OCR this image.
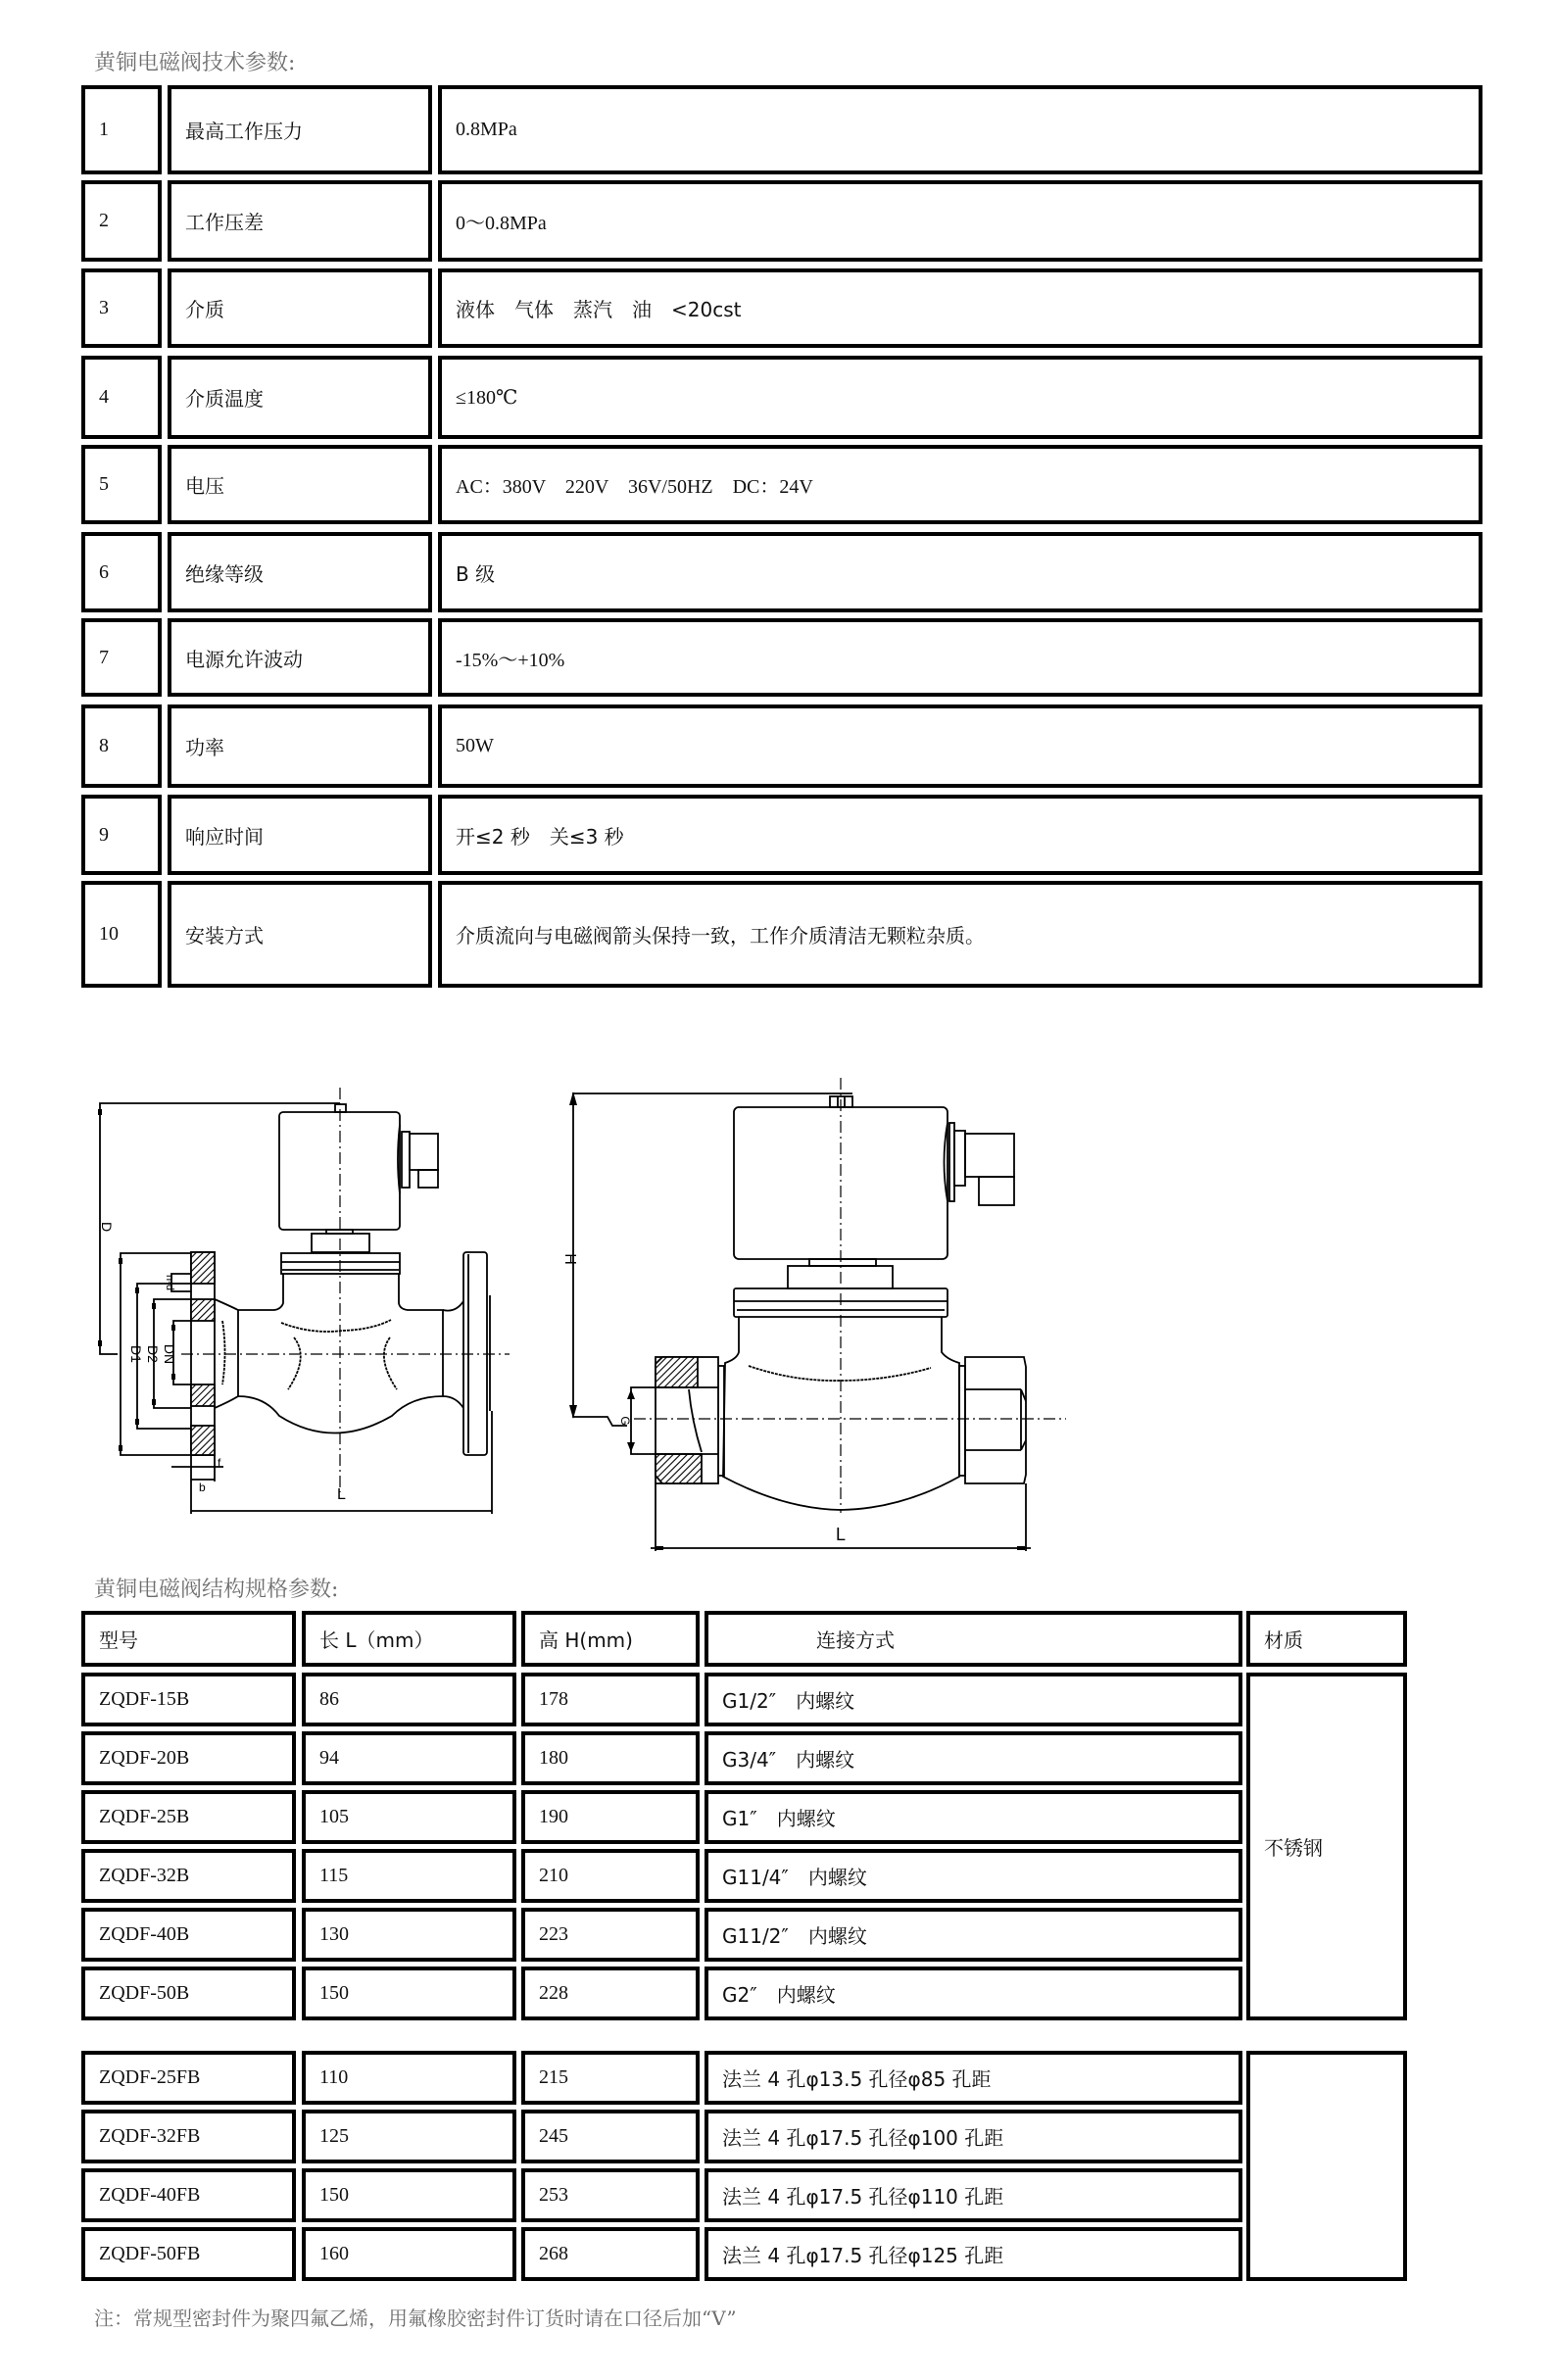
黄铜电磁阀技术参数:
1	最高工作压力	0.8MPa
2	工作压差	0～0.8MPa
3	介质	液体　气体　蒸汽　油　<20cst
4	介质温度	≤180℃
5	电压	AC：380V　220V　36V/50HZ　DC：24V
6	绝缘等级	B 级
7	电源允许波动	-15%～+10%
8	功率	50W
9	响应时间	开≤2 秒　关≤3 秒
10	安装方式	介质流向与电磁阀箭头保持一致，工作介质清洁无颗粒杂质。
D
D1 D2 DN
n-d
f
b	L
H
G
L
黄铜电磁阀结构规格参数:
型号	长 L（mm）	高 H(mm)	连接方式	材质
ZQDF-15B	86	178	G1/2″　内螺纹
ZQDF-20B	94	180	G3/4″　内螺纹
ZQDF-25B	105	190	G1″　内螺纹
ZQDF-32B	115	210	G11/4″　内螺纹
ZQDF-40B	130	223	G11/2″　内螺纹
ZQDF-50B	150	228	G2″　内螺纹
不锈钢
ZQDF-25FB	110	215	法兰 4 孔φ13.5 孔径φ85 孔距
ZQDF-32FB	125	245	法兰 4 孔φ17.5 孔径φ100 孔距
ZQDF-40FB	150	253	法兰 4 孔φ17.5 孔径φ110 孔距
ZQDF-50FB	160	268	法兰 4 孔φ17.5 孔径φ125 孔距
注：常规型密封件为聚四氟乙烯，用氟橡胶密封件订货时请在口径后加“V”
